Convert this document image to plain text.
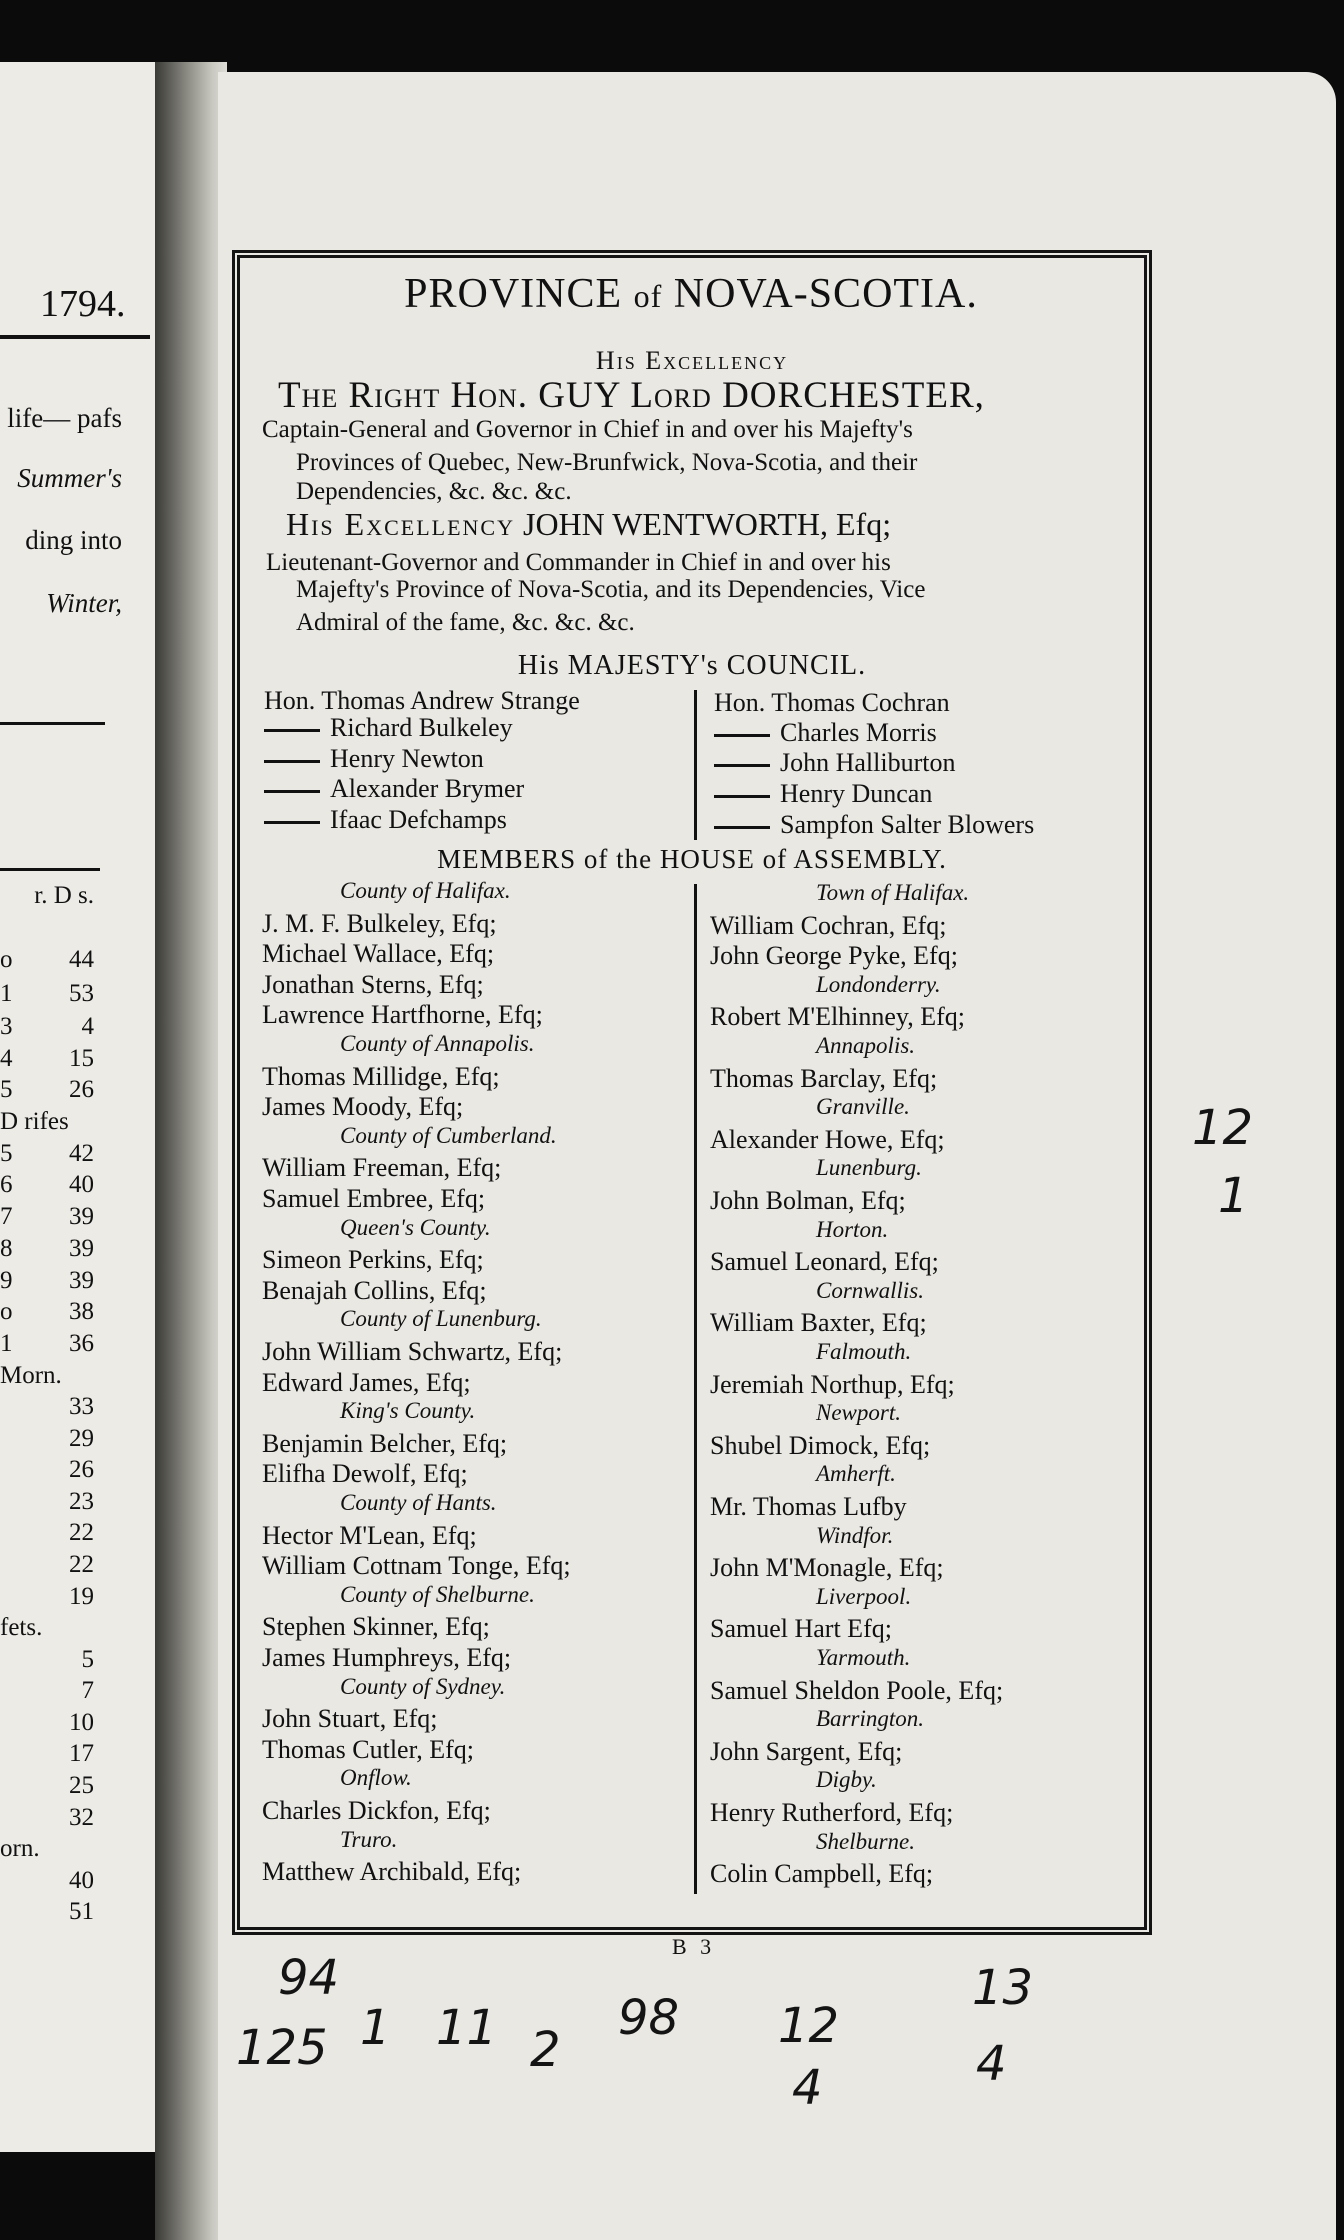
1794.
life— pafs
Summer's
ding into
Winter,
r. D s.
o 44
1 53
3	4
4 15
5 26
D rifes
5 42
6 40
7 39
8 39
9 39
o 38
1 36
Morn.
33
29
26
23
22
22
19
fets.
5
7
10
17
25
32
orn.
40
51
PROVINCE of NOVA-SCOTIA.
His Excellency
The Right Hon. GUY Lord DORCHESTER,
Captain-General and Governor in Chief in and over his Majefty's
Provinces of Quebec, New-Brunfwick, Nova-Scotia, and their
Dependencies, &c. &c. &c.
His Excellency JOHN WENTWORTH, Efq;
Lieutenant-Governor and Commander in Chief in and over his
Majefty's Province of Nova-Scotia, and its Dependencies, Vice
Admiral of the fame, &c. &c. &c.
His MAJESTY's COUNCIL.
Hon. Thomas Andrew Strange
Richard Bulkeley
Henry Newton
Alexander Brymer
Ifaac Defchamps
Hon. Thomas Cochran
Charles Morris
John Halliburton
Henry Duncan
Sampfon Salter Blowers
MEMBERS of the HOUSE of ASSEMBLY.
County of Halifax.
J. M. F. Bulkeley, Efq;
Michael Wallace, Efq;
Jonathan Sterns, Efq;
Lawrence Hartfhorne, Efq;
County of Annapolis.
Thomas Millidge, Efq;
James Moody, Efq;
County of Cumberland.
William Freeman, Efq;
Samuel Embree, Efq;
Queen's County.
Simeon Perkins, Efq;
Benajah Collins, Efq;
County of Lunenburg.
John William Schwartz, Efq;
Edward James, Efq;
King's County.
Benjamin Belcher, Efq;
Elifha Dewolf, Efq;
County of Hants.
Hector M'Lean, Efq;
William Cottnam Tonge, Efq;
County of Shelburne.
Stephen Skinner, Efq;
James Humphreys, Efq;
County of Sydney.
John Stuart, Efq;
Thomas Cutler, Efq;
Onflow.
Charles Dickfon, Efq;
Truro.
Matthew Archibald, Efq;
Town of Halifax.
William Cochran, Efq;
John George Pyke, Efq;
Londonderry.
Robert M'Elhinney, Efq;
Annapolis.
Thomas Barclay, Efq;
Granville.
Alexander Howe, Efq;
Lunenburg.
John Bolman, Efq;
Horton.
Samuel Leonard, Efq;
Cornwallis.
William Baxter, Efq;
Falmouth.
Jeremiah Northup, Efq;
Newport.
Shubel Dimock, Efq;
Amherft.
Mr. Thomas Lufby
Windfor.
John M'Monagle, Efq;
Liverpool.
Samuel Hart Efq;
Yarmouth.
Samuel Sheldon Poole, Efq;
Barrington.
John Sargent, Efq;
Digby.
Henry Rutherford, Efq;
Shelburne.
Colin Campbell, Efq;
B 3
12
1
94
98 12
13
125 1 11 2
4	4
